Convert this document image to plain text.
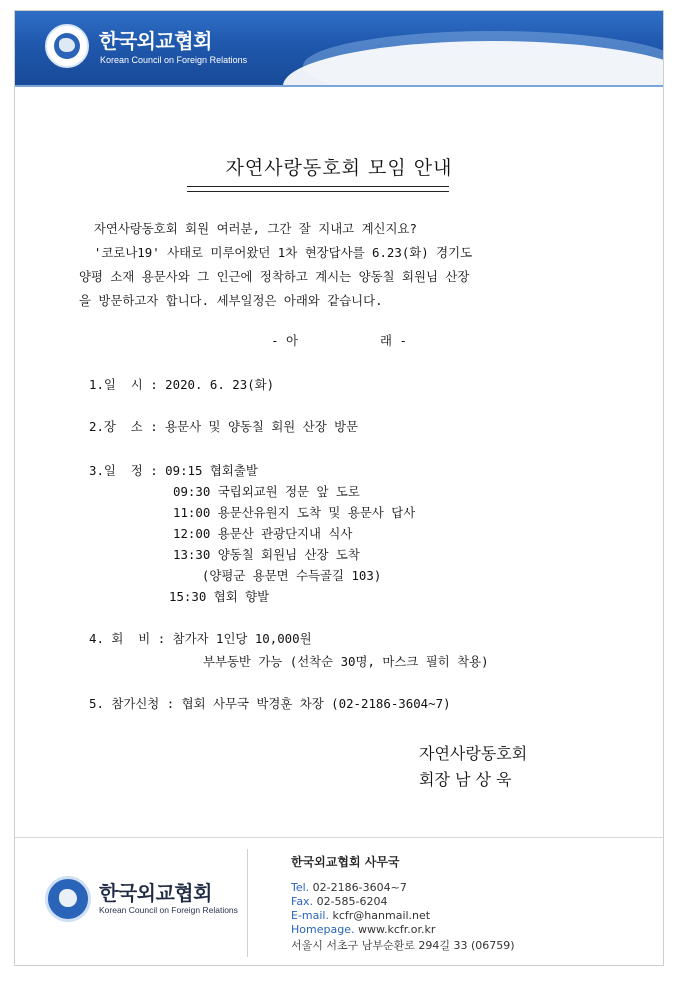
한국외교협회
Korean Council on Foreign Relations
자연사랑동호회 모임 안내
자연사랑동호회 회원 여러분, 그간 잘 지내고 계신지요?
'코로나19' 사태로 미루어왔던 1차 현장답사를 6.23(화) 경기도
양평 소재 용문사와 그 인근에 정착하고 계시는 양동칠 회원님 산장
을 방문하고자 합니다. 세부일정은 아래와 같습니다.
- 아           래 -
1.일  시 : 2020. 6. 23(화)
2.장  소 : 용문사 및 양동칠 회원 산장 방문
3.일  정 : 09:15 협회출발
09:30 국립외교원 정문 앞 도로
11:00 용문산유원지 도착 및 용문사 답사
12:00 용문산 관광단지내 식사
13:30 양동칠 회원님 산장 도착
(양평군 용문면 수득골길 103)
15:30 협회 향발
4. 회  비 : 참가자 1인당 10,000원
부부동반 가능 (선착순 30명, 마스크 필히 착용)
5. 참가신청 : 협회 사무국 박경훈 차장 (02-2186-3604~7)
자연사랑동호회
회장 남 상 욱
한국외교협회
Korean Council on Foreign Relations
한국외교협회 사무국
Tel. 02-2186-3604~7
Fax. 02-585-6204
E-mail. kcfr@hanmail.net
Homepage. www.kcfr.or.kr
서울시 서초구 남부순환로 294길 33 (06759)
